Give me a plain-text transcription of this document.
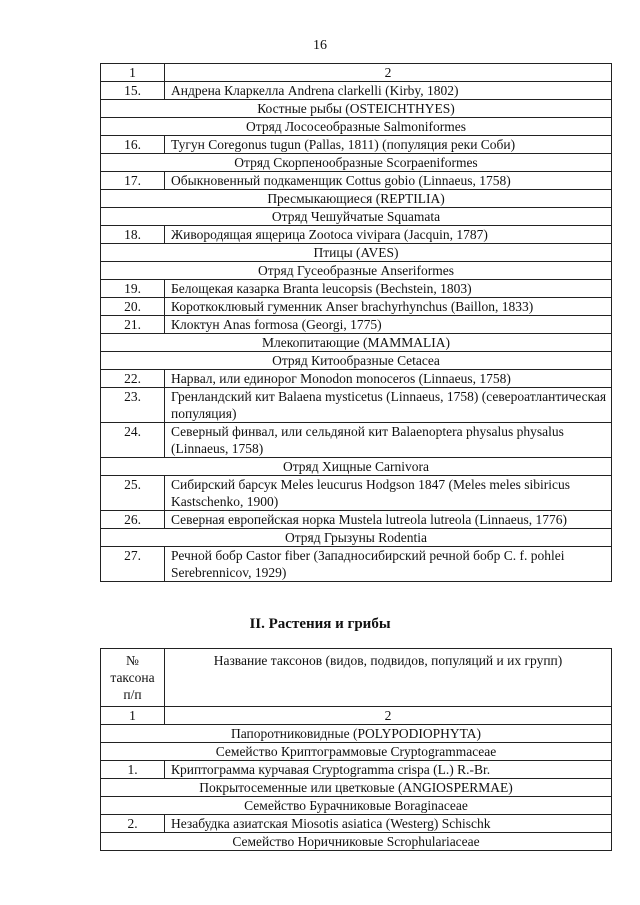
16
1	2
15.	Андрена Кларкелла Andrena clarkelli (Kirby, 1802)
Костные рыбы (OSTEICHTHYES)	
Отряд Лососеобразные Salmoniformes	
16.	Тугун Coregonus tugun (Pallas, 1811) (популяция реки Соби)
Отряд Скорпенообразные Scorpaeniformes	
17.	Обыкновенный подкаменщик Cottus gobio (Linnaeus, 1758)
Пресмыкающиеся (REPTILIA)	
Отряд Чешуйчатые Squamata	
18.	Живородящая ящерица Zootoca vivipara (Jacquin, 1787)
Птицы (AVES)	
Отряд Гусеобразные Anseriformes	
19.	Белощекая казарка Branta leucopsis (Bechstein, 1803)
20.	Короткоклювый гуменник Anser brachyrhynchus (Baillon, 1833)
21.	Клоктун Anas formosa (Georgi, 1775)
Млекопитающие (MAMMALIA)	
Отряд Китообразные Cetacea	
22.	Нарвал, или единорог Monodon monoceros (Linnaeus, 1758)
23.	Гренландский кит Balaena mysticetus (Linnaeus, 1758) (североатлантическая популяция)
24.	Северный финвал, или сельдяной кит Balaenoptera physalus physalus (Linnaeus, 1758)
Отряд Хищные Carnivora	
25.	Сибирский барсук Meles leucurus Hodgson 1847 (Meles meles sibiricus Kastschenko, 1900)
26.	Северная европейская норка Mustela lutreola lutreola (Linnaeus, 1776)
Отряд Грызуны Rodentia	
27.	Речной бобр Castor fiber (Западносибирский речной бобр C. f. pohlei Serebrennicov, 1929)
II. Растения и грибы
№ таксона п/п	Название таксонов (видов, подвидов, популяций и их групп)
1	2
Папоротниковидные (POLYPODIOPHYTA)	
Семейство Криптограммовые Cryptogrammaceae	
1.	Криптограмма курчавая Cryptogramma crispa (L.) R.-Br.
Покрытосеменные или цветковые (ANGIOSPERMAE)	
Семейство Бурачниковые Boraginaceae	
2.	Незабудка азиатская Miosotis asiatica (Westerg) Schischk
Семейство Норичниковые Scrophulariaceae	
